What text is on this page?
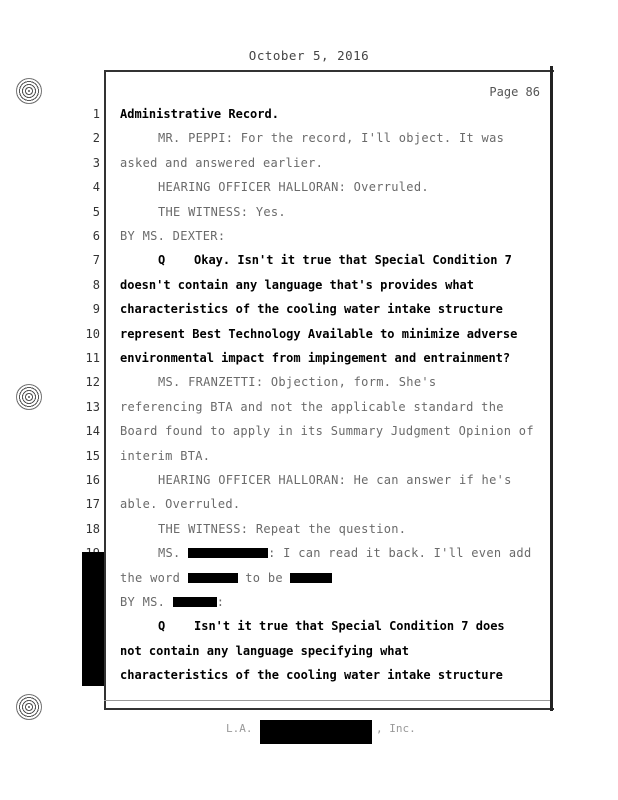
October 5, 2016
Page 86
1 Administrative Record.
2	MR. PEPPI: For the record, I'll object. It was
3 asked and answered earlier.
4	HEARING OFFICER HALLORAN: Overruled.
5	THE WITNESS: Yes.
6 BY MS. DEXTER:
7	Q Okay. Isn't it true that Special Condition 7
8 doesn't contain any language that's provides what
9 characteristics of the cooling water intake structure
10 represent Best Technology Available to minimize adverse
11 environmental impact from impingement and entrainment?
12	MS. FRANZETTI: Objection, form. She's
13 referencing BTA and not the applicable standard the
14 Board found to apply in its Summary Judgment Opinion of
15 interim BTA.
16	HEARING OFFICER HALLORAN: He can answer if he's
17 able. Overruled.
18	THE WITNESS: Repeat the question.
MS.	: I can read it back. I'll even add
the word	to be
BY MS.	:
Q Isn't it true that Special Condition 7 does
not contain any language specifying what
characteristics of the cooling water intake structure
L.A.	, Inc.
